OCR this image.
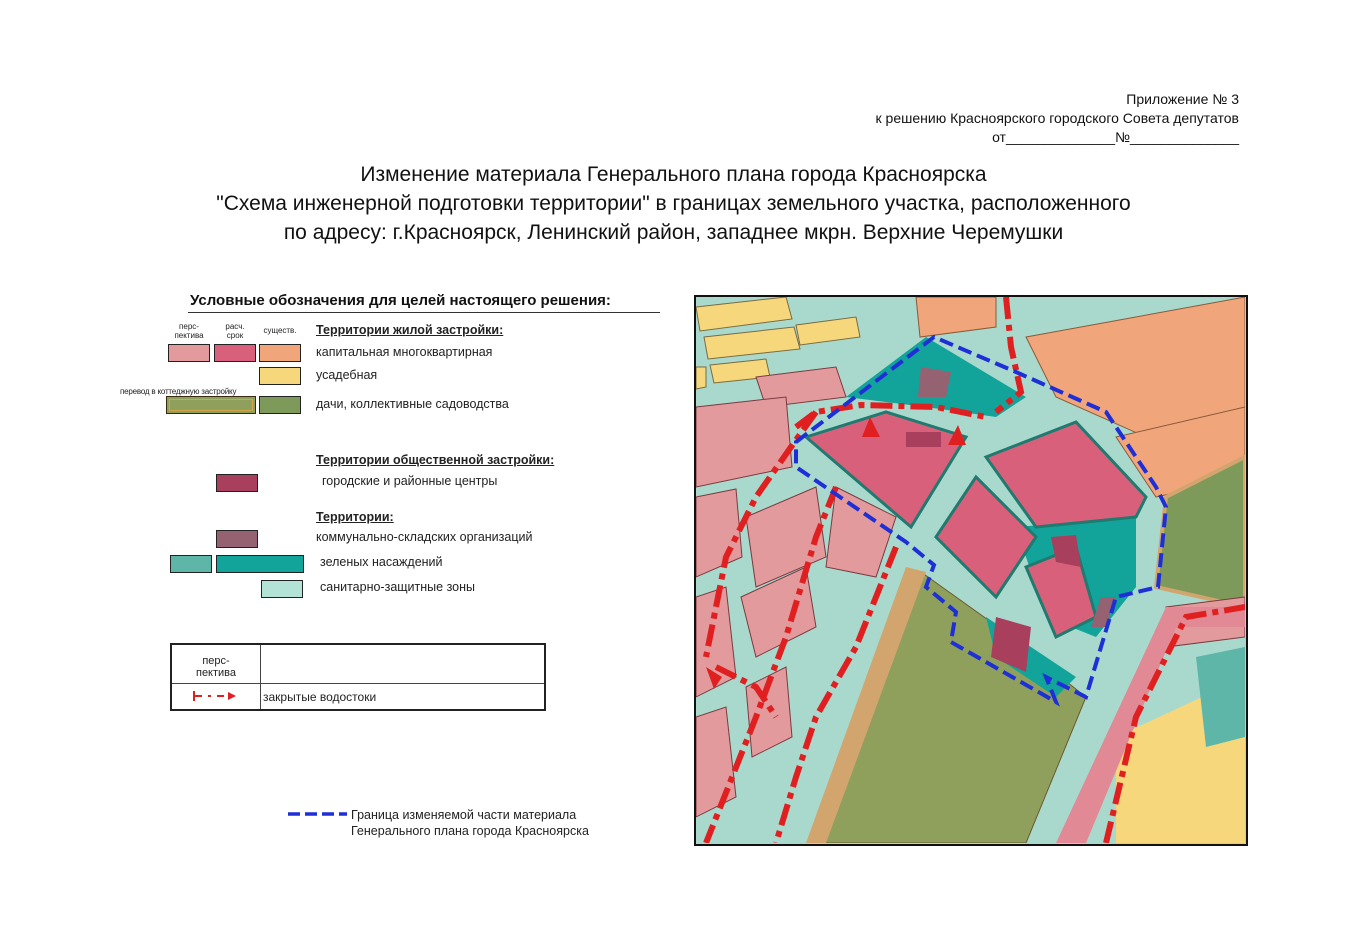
Приложение № 3
к решению Красноярского городского Совета депутатов
от______________№______________
Изменение материала Генерального плана города Красноярска
"Схема инженерной подготовки территории" в границах земельного участка, расположенного
по адресу: г.Красноярск, Ленинский район, западнее мкрн. Верхние Черемушки
Условные обозначения для целей настоящего решения:
перс-
пектива
расч.
срок
существ.	Территории жилой застройки:
капитальная многоквартирная
усадебная
перевод в коттеджную застройку
дачи, коллективные садоводства
Территории общественной застройки:
городские и районные центры
Территории:
коммунально-складских организаций
зеленых насаждений
санитарно-защитные зоны
перс-
пектива
закрытые водостоки
Граница изменяемой части материала
Генерального плана города Красноярска
